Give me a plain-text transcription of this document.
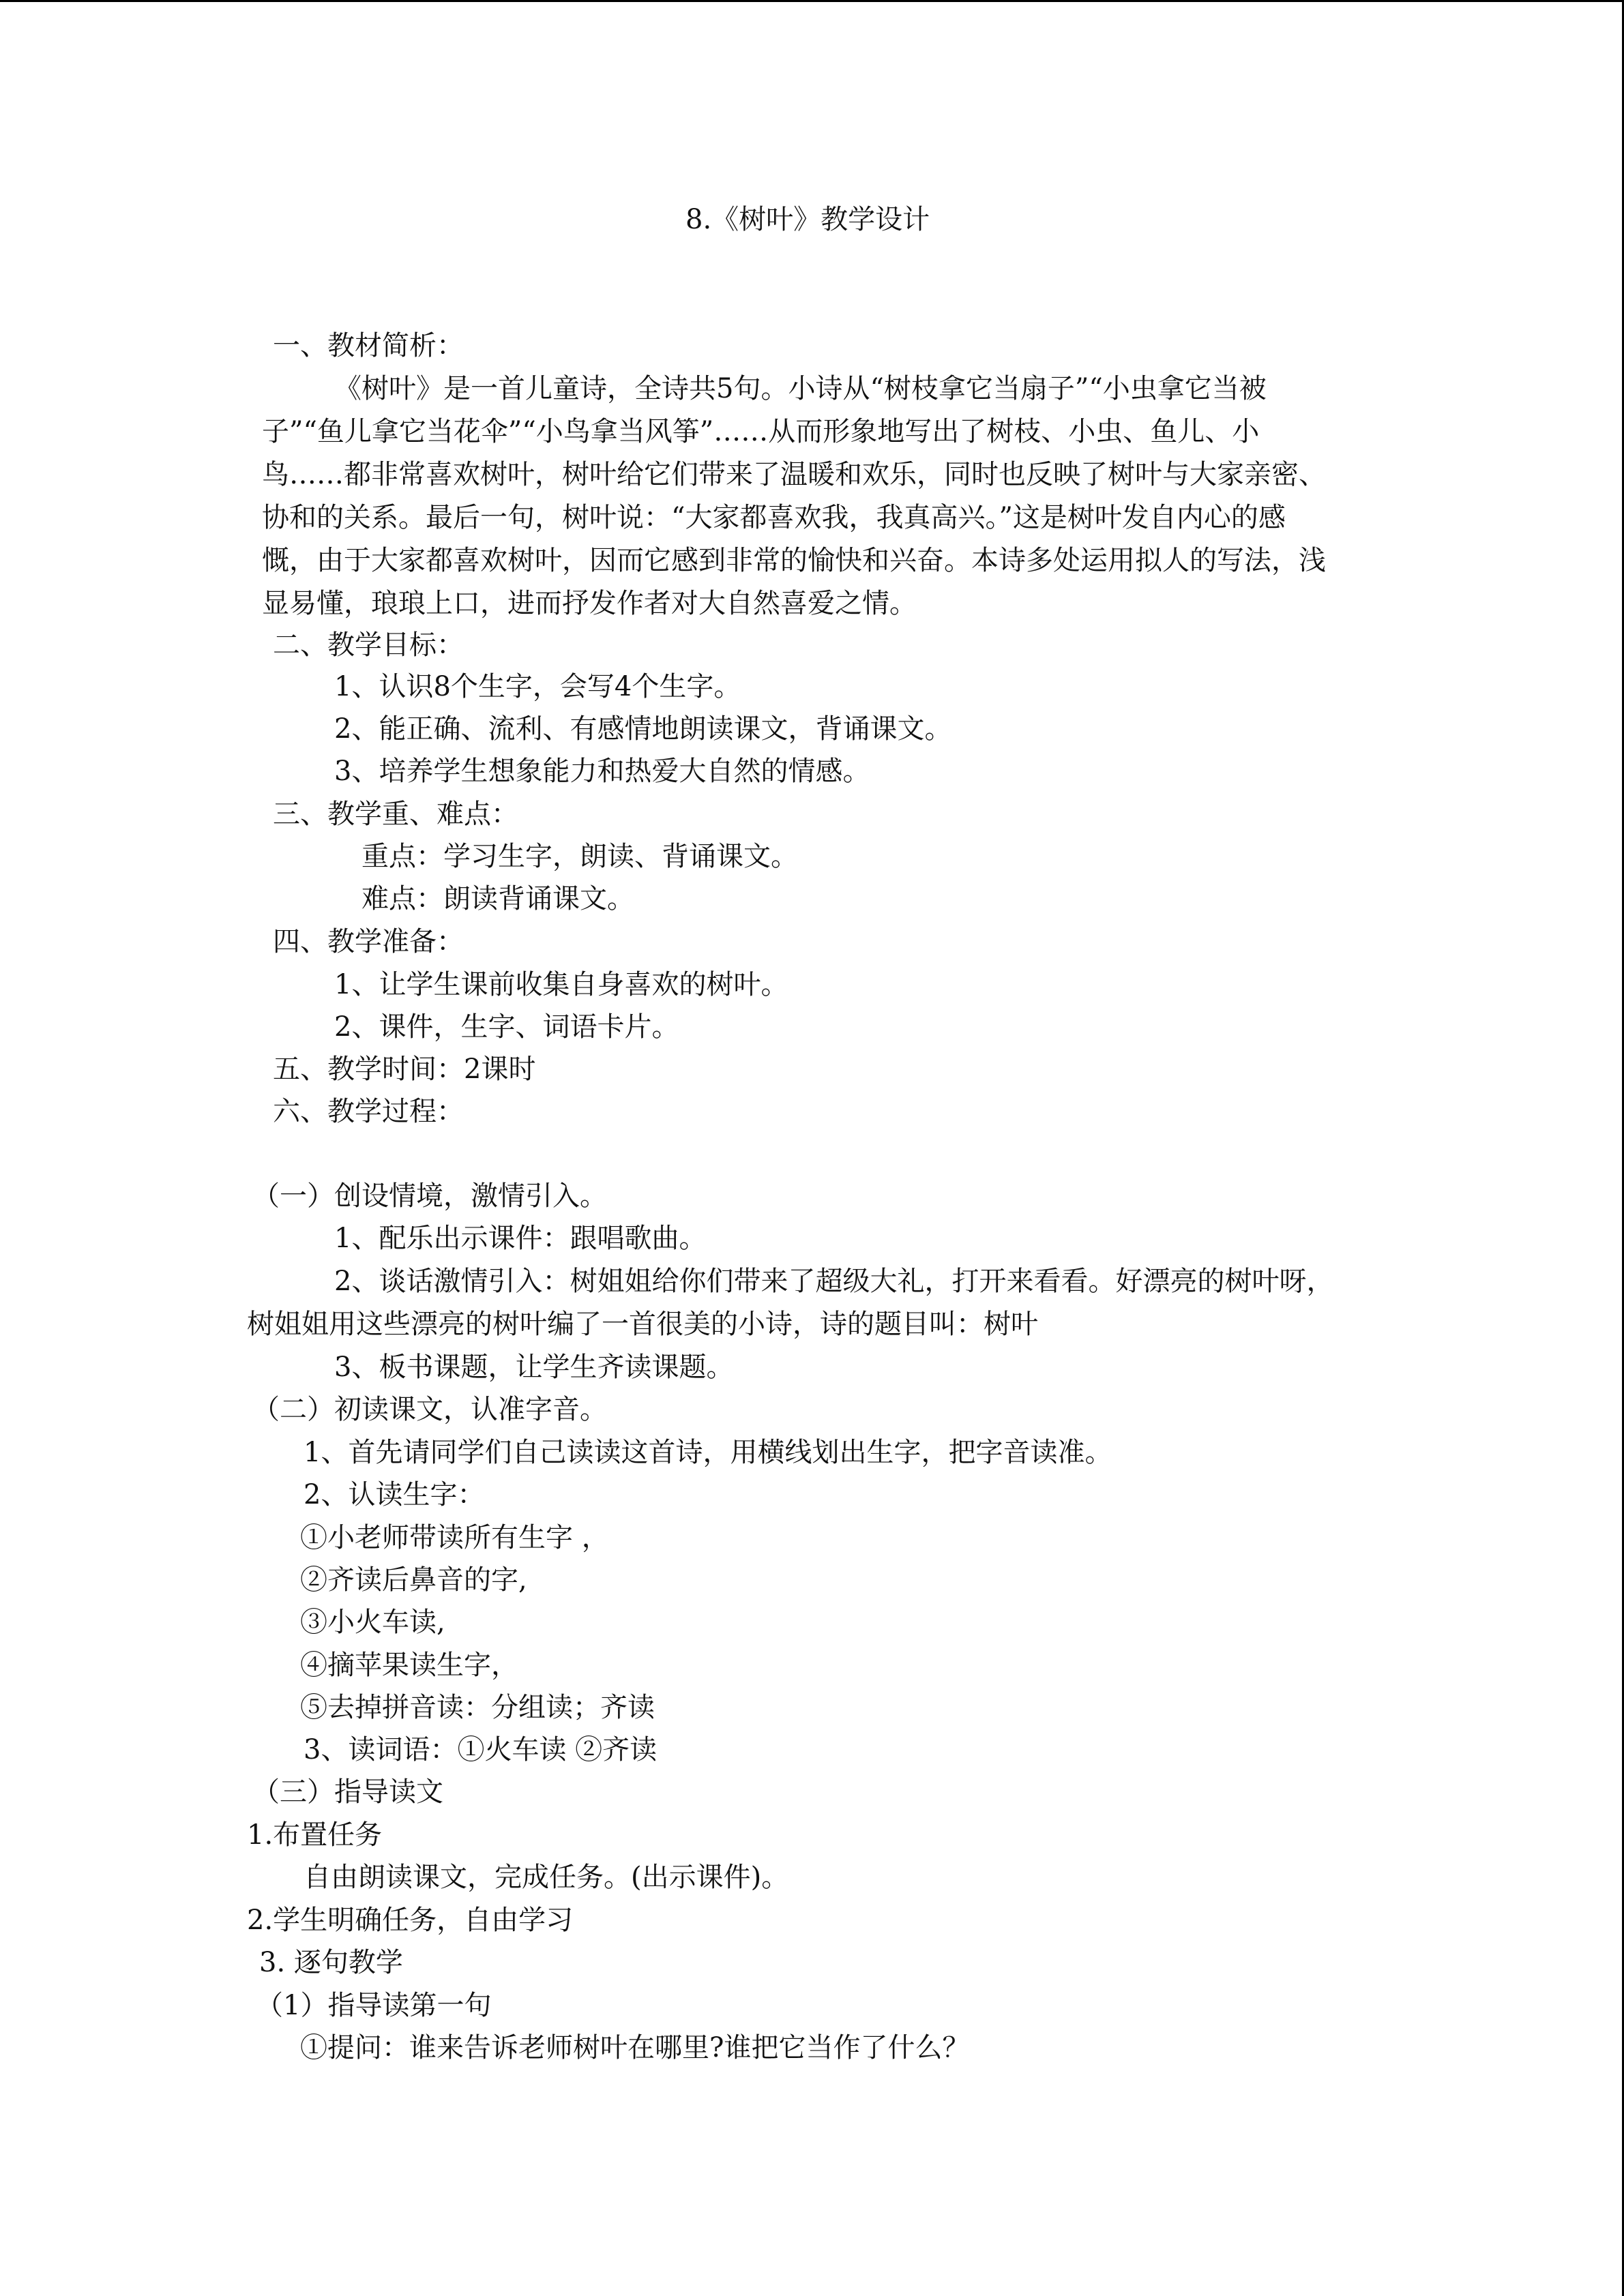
8.《树叶》教学设计
一、教材简析：
《树叶》是一首儿童诗，全诗共5句。小诗从“树枝拿它当扇子”“小虫拿它当被
子”“鱼儿拿它当花伞”“小鸟拿当风筝”……从而形象地写出了树枝、小虫、鱼儿、小
鸟……都非常喜欢树叶，树叶给它们带来了温暖和欢乐，同时也反映了树叶与大家亲密、
协和的关系。最后一句，树叶说：“大家都喜欢我，我真高兴。”这是树叶发自内心的感
慨，由于大家都喜欢树叶，因而它感到非常的愉快和兴奋。本诗多处运用拟人的写法，浅
显易懂，琅琅上口，进而抒发作者对大自然喜爱之情。
二、教学目标：
1、认识8个生字，会写4个生字。
2、能正确、流利、有感情地朗读课文，背诵课文。
3、培养学生想象能力和热爱大自然的情感。
三、教学重、难点：
重点：学习生字，朗读、背诵课文。
难点：朗读背诵课文。
四、教学准备：
1、让学生课前收集自身喜欢的树叶。
2、课件，生字、词语卡片。
五、教学时间：2课时
六、教学过程：
（一）创设情境，激情引入。
1、配乐出示课件：跟唱歌曲。
2、谈话激情引入：树姐姐给你们带来了超级大礼，打开来看看。好漂亮的树叶呀，
树姐姐用这些漂亮的树叶编了一首很美的小诗，诗的题目叫：树叶
3、板书课题，让学生齐读课题。
（二）初读课文，认准字音。
1、首先请同学们自己读读这首诗，用横线划出生字，把字音读准。
2、认读生字：
①小老师带读所有生字 ，
②齐读后鼻音的字,
③小火车读,
④摘苹果读生字，
⑤去掉拼音读：分组读；齐读
3、读词语：①火车读 ②齐读
（三）指导读文
1.布置任务
自由朗读课文，完成任务。(出示课件)。
2.学生明确任务，自由学习
3. 逐句教学
（1）指导读第一句
①提问：谁来告诉老师树叶在哪里?谁把它当作了什么？
